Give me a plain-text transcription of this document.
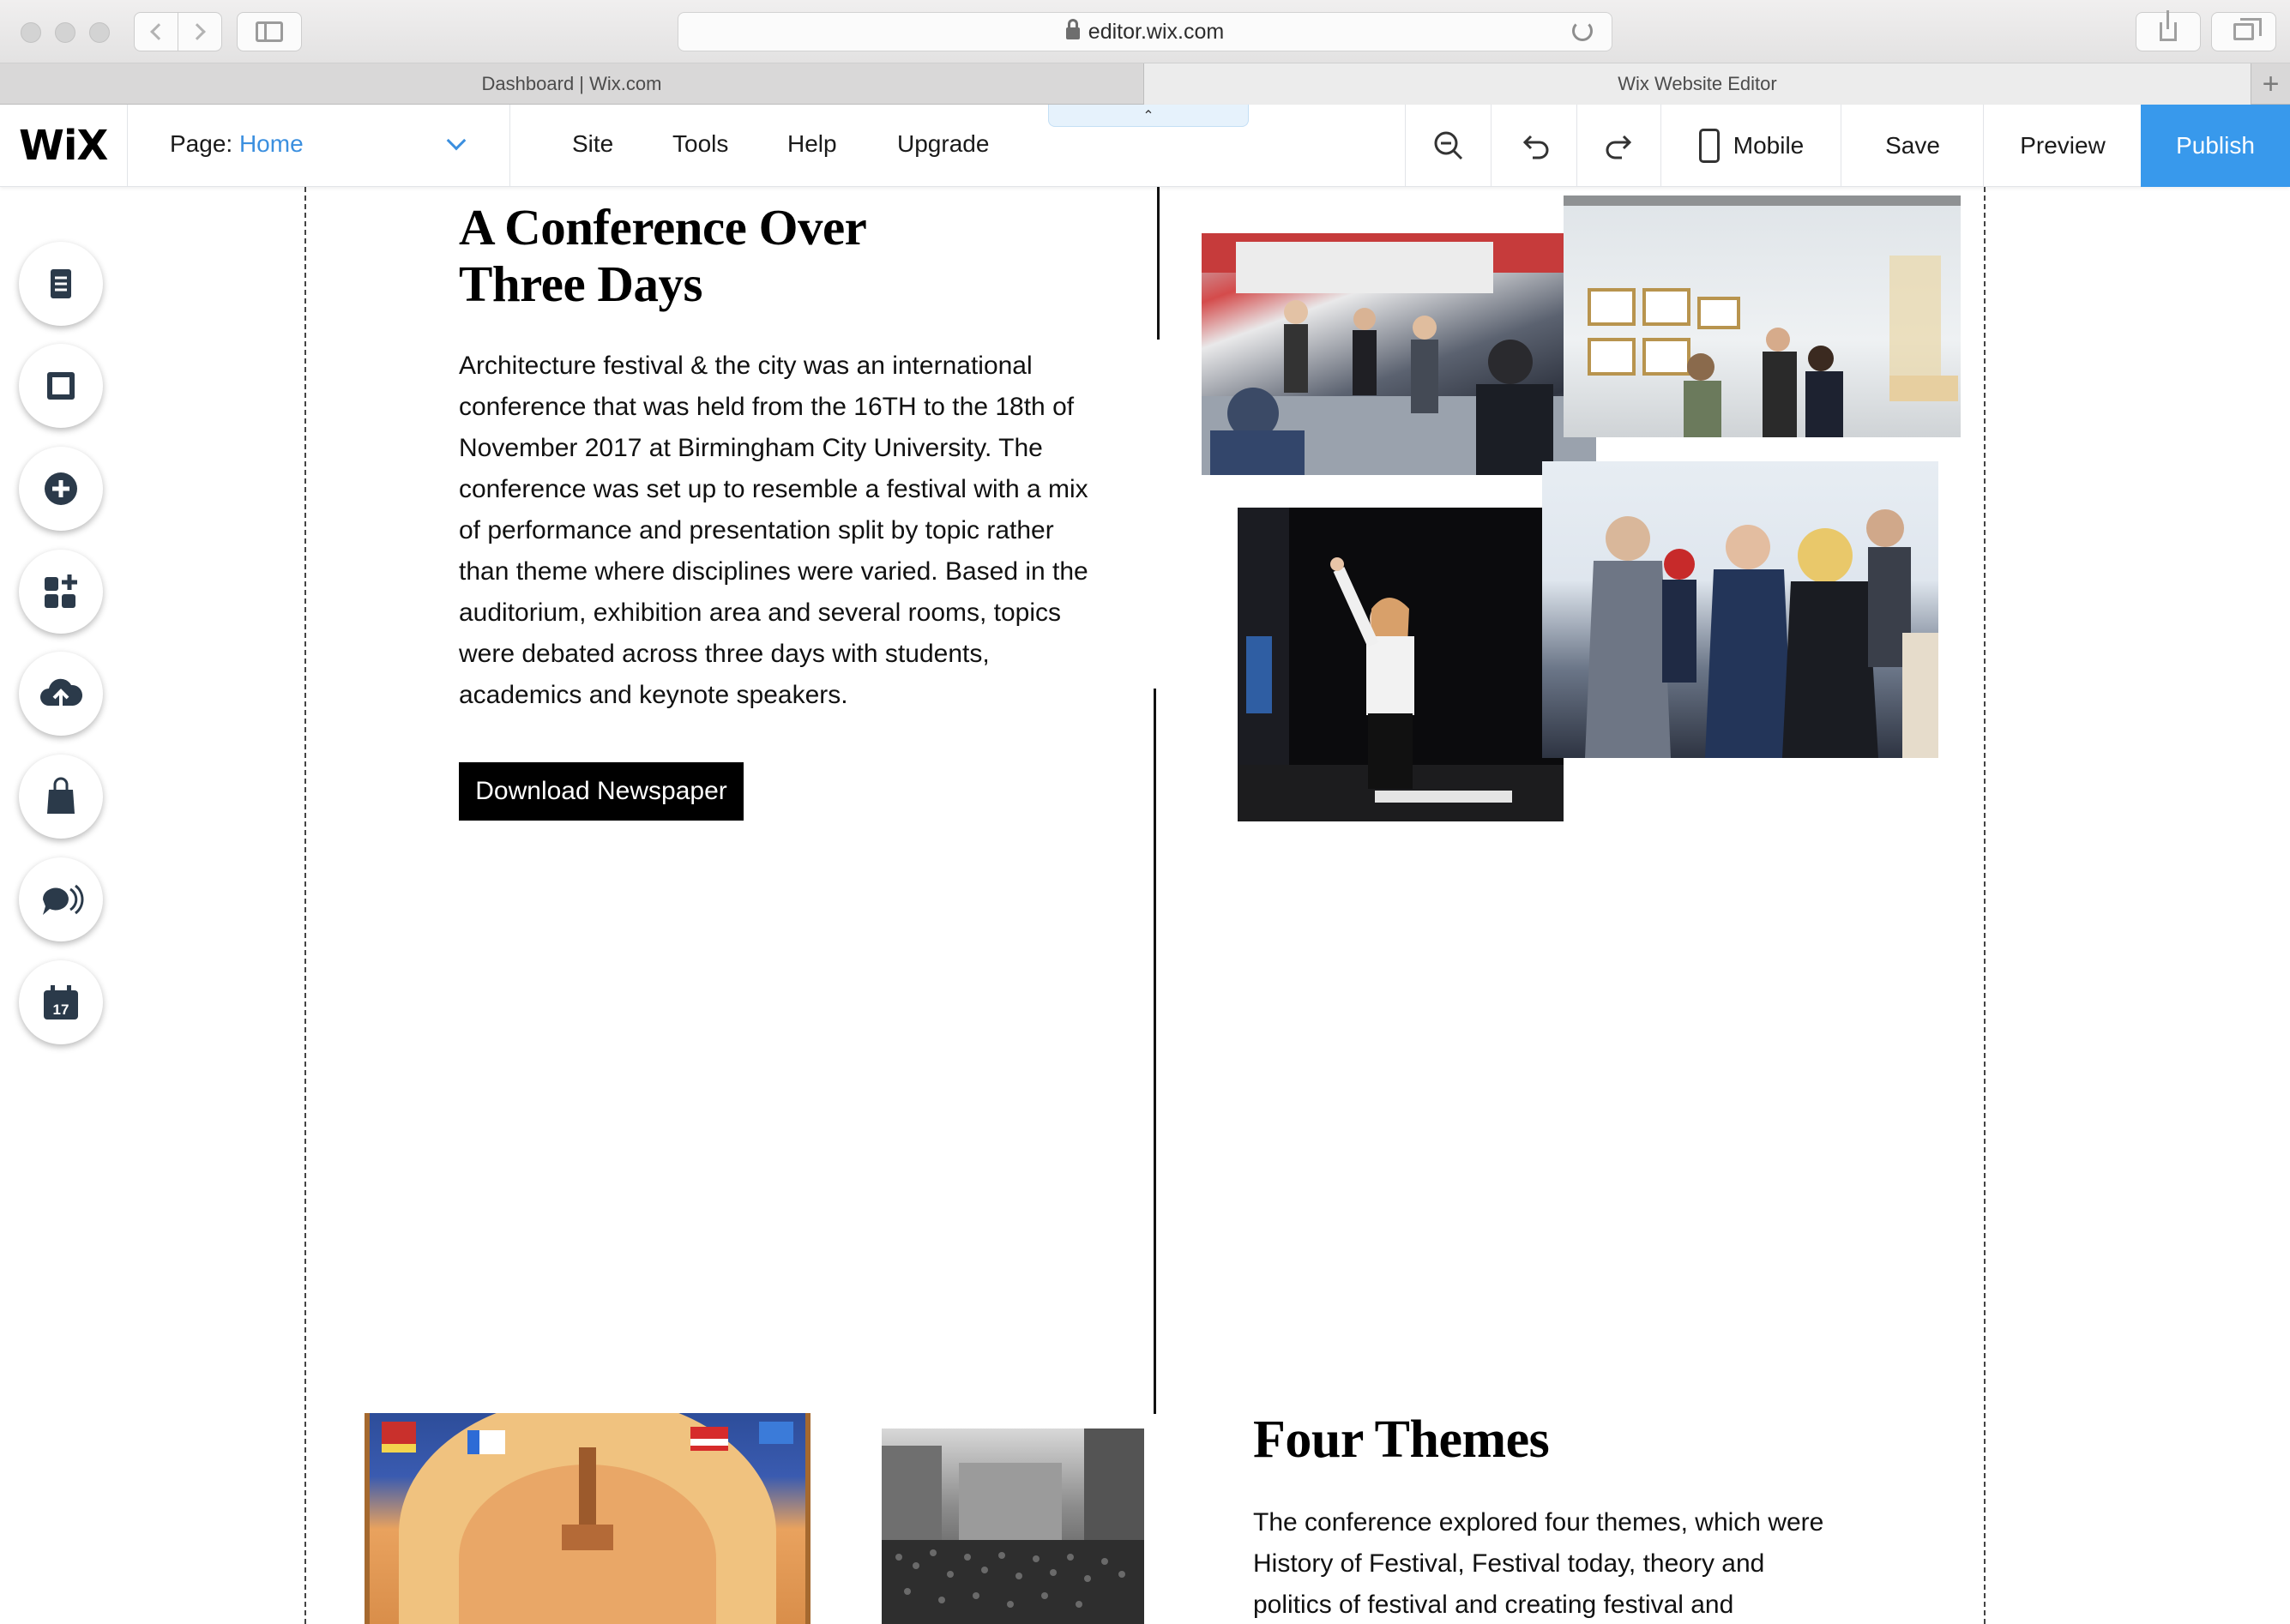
editor.wix.com
Dashboard | Wix.com	Wix Website Editor	+
WiX	Page: Home	Site Tools Help	Upgrade	Mobile	Save	Preview	Publish
⌃
17
A Conference Over
Three Days
Architecture festival & the city was an international
conference that was held from the 16TH to the 18th of
November 2017 at Birmingham City University. The
conference was set up to resemble a festival with a mix
of performance and presentation split by topic rather
than theme where disciplines were varied. Based in the
auditorium, exhibition area and several rooms, topics
were debated across three days with students,
academics and keynote speakers.
Download Newspaper
Four Themes
The conference explored four themes, which were
History of Festival, Festival today, theory and
politics of festival and creating festival and
